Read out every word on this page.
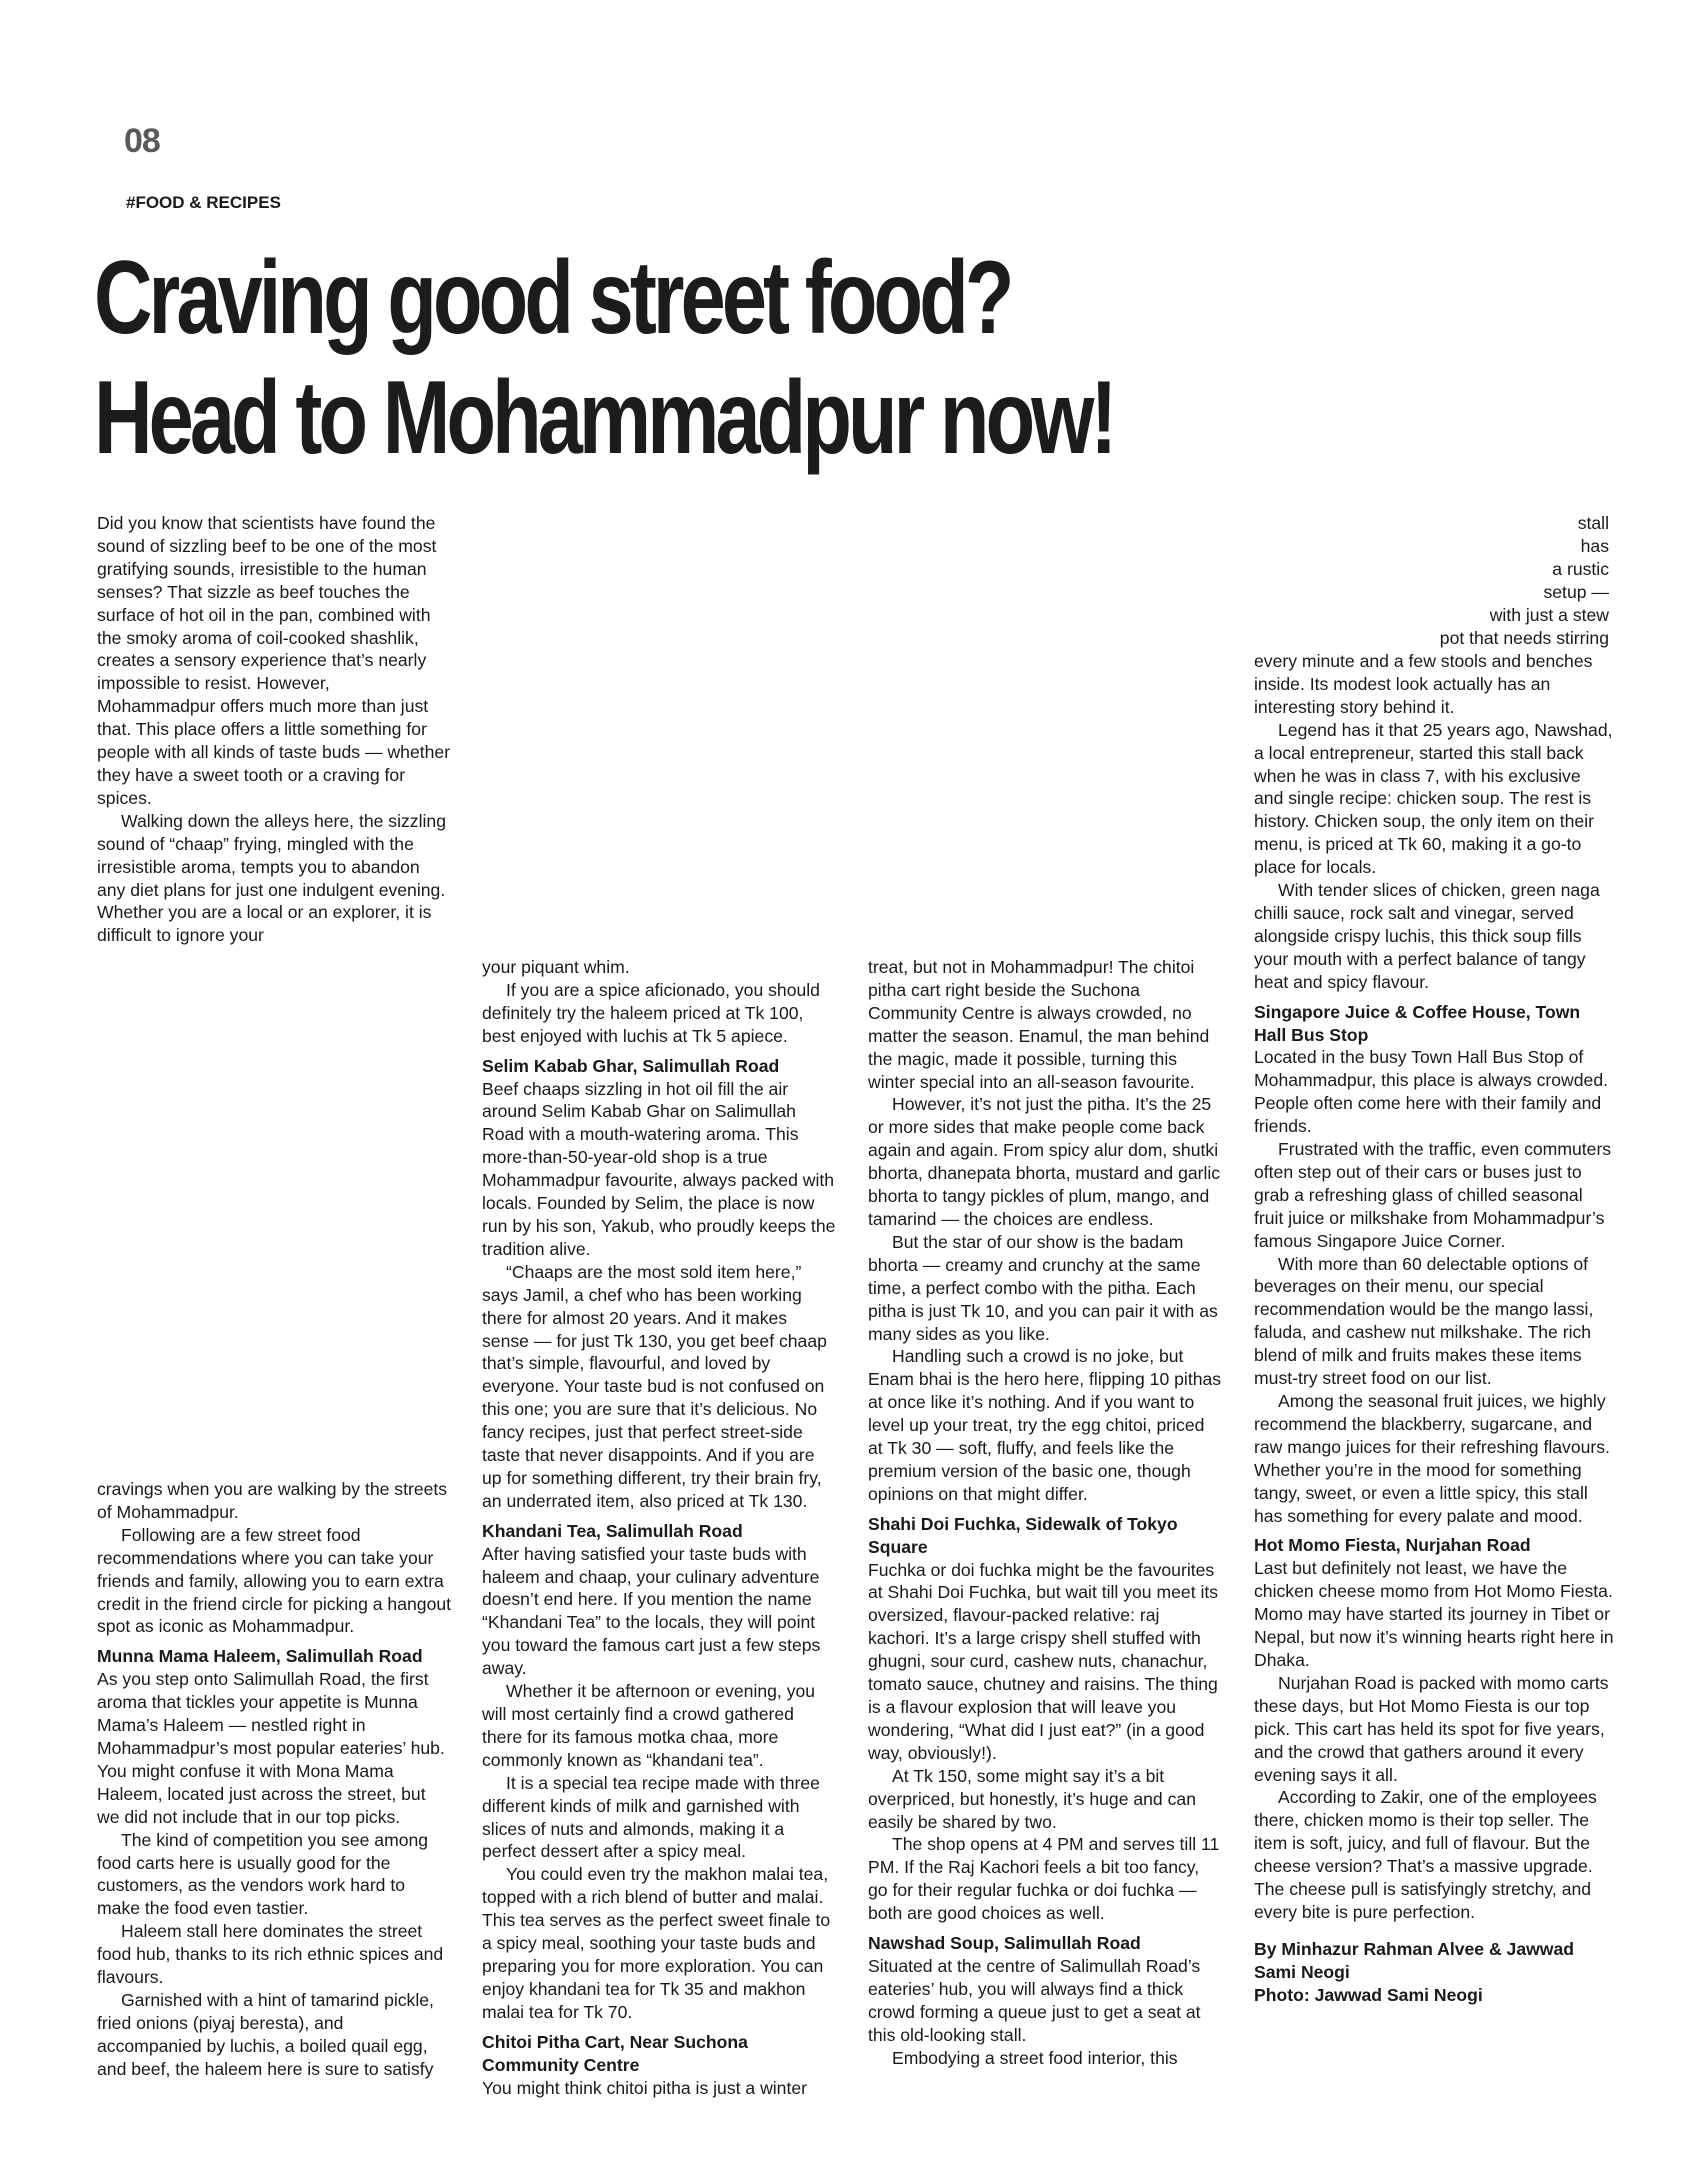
08
#FOOD & RECIPES
Craving good street food?
Head to Mohammadpur now!

Did you know that scientists have found the sound of sizzling beef to be one of the most gratifying sounds, irresistible to the human senses? That sizzle as beef touches the surface of hot oil in the pan, combined with the smoky aroma of coil-cooked shashlik, creates a sensory experience that’s nearly impossible to resist. However, Mohammadpur offers much more than just that. This place offers a little something for people with all kinds of taste buds — whether they have a sweet tooth or a craving for spices.

Walking down the alleys here, the sizzling sound of “chaap” frying, mingled with the irresistible aroma, tempts you to abandon any diet plans for just one indulgent evening. Whether you are a local or an explorer, it is difficult to ignore your

cravings when you are walking by the streets of Mohammadpur.

Following are a few street food recommendations where you can take your friends and family, allowing you to earn extra credit in the friend circle for picking a hangout spot as iconic as Mohammadpur.

Munna Mama Haleem, Salimullah Road

As you step onto Salimullah Road, the first aroma that tickles your appetite is Munna Mama’s Haleem — nestled right in Mohammadpur’s most popular eateries’ hub. You might confuse it with Mona Mama Haleem, located just across the street, but we did not include that in our top picks.

The kind of competition you see among food carts here is usually good for the customers, as the vendors work hard to make the food even tastier.

Haleem stall here dominates the street food hub, thanks to its rich ethnic spices and flavours.

Garnished with a hint of tamarind pickle, fried onions (piyaj beresta), and accompanied by luchis, a boiled quail egg, and beef, the haleem here is sure to satisfy

your piquant whim.

If you are a spice aficionado, you should definitely try the haleem priced at Tk 100, best enjoyed with luchis at Tk 5 apiece.

Selim Kabab Ghar, Salimullah Road

Beef chaaps sizzling in hot oil fill the air around Selim Kabab Ghar on Salimullah Road with a mouth-watering aroma. This more-than-50-year-old shop is a true Mohammadpur favourite, always packed with locals. Founded by Selim, the place is now run by his son, Yakub, who proudly keeps the tradition alive.

“Chaaps are the most sold item here,” says Jamil, a chef who has been working there for almost 20 years. And it makes sense — for just Tk 130, you get beef chaap that’s simple, flavourful, and loved by everyone. Your taste bud is not confused on this one; you are sure that it’s delicious. No fancy recipes, just that perfect street-side taste that never disappoints. And if you are up for something different, try their brain fry, an underrated item, also priced at Tk 130.

Khandani Tea, Salimullah Road

After having satisfied your taste buds with haleem and chaap, your culinary adventure doesn’t end here. If you mention the name “Khandani Tea” to the locals, they will point you toward the famous cart just a few steps away.

Whether it be afternoon or evening, you will most certainly find a crowd gathered there for its famous motka chaa, more commonly known as “khandani tea”.

It is a special tea recipe made with three different kinds of milk and garnished with slices of nuts and almonds, making it a perfect dessert after a spicy meal.

You could even try the makhon malai tea, topped with a rich blend of butter and malai. This tea serves as the perfect sweet finale to a spicy meal, soothing your taste buds and preparing you for more exploration. You can enjoy khandani tea for Tk 35 and makhon malai tea for Tk 70.

Chitoi Pitha Cart, Near Suchona Community Centre

You might think chitoi pitha is just a winter

treat, but not in Mohammadpur! The chitoi pitha cart right beside the Suchona Community Centre is always crowded, no matter the season. Enamul, the man behind the magic, made it possible, turning this winter special into an all-season favourite.

However, it’s not just the pitha. It’s the 25 or more sides that make people come back again and again. From spicy alur dom, shutki bhorta, dhanepata bhorta, mustard and garlic bhorta to tangy pickles of plum, mango, and tamarind — the choices are endless.

But the star of our show is the badam bhorta — creamy and crunchy at the same time, a perfect combo with the pitha. Each pitha is just Tk 10, and you can pair it with as many sides as you like.

Handling such a crowd is no joke, but Enam bhai is the hero here, flipping 10 pithas at once like it’s nothing. And if you want to level up your treat, try the egg chitoi, priced at Tk 30 — soft, fluffy, and feels like the premium version of the basic one, though opinions on that might differ.

Shahi Doi Fuchka, Sidewalk of Tokyo Square

Fuchka or doi fuchka might be the favourites at Shahi Doi Fuchka, but wait till you meet its oversized, flavour-packed relative: raj kachori. It’s a large crispy shell stuffed with ghugni, sour curd, cashew nuts, chanachur, tomato sauce, chutney and raisins. The thing is a flavour explosion that will leave you wondering, “What did I just eat?” (in a good way, obviously!).

At Tk 150, some might say it’s a bit overpriced, but honestly, it’s huge and can easily be shared by two.

The shop opens at 4 PM and serves till 11 PM. If the Raj Kachori feels a bit too fancy, go for their regular fuchka or doi fuchka — both are good choices as well.

Nawshad Soup, Salimullah Road

Situated at the centre of Salimullah Road’s eateries’ hub, you will always find a thick crowd forming a queue just to get a seat at this old-looking stall.

Embodying a street food interior, this

stall
has
a rustic
setup —
with just a stew
pot that needs stirring

every minute and a few stools and benches inside. Its modest look actually has an interesting story behind it.

Legend has it that 25 years ago, Nawshad, a local entrepreneur, started this stall back when he was in class 7, with his exclusive and single recipe: chicken soup. The rest is history. Chicken soup, the only item on their menu, is priced at Tk 60, making it a go-to place for locals.

With tender slices of chicken, green naga chilli sauce, rock salt and vinegar, served alongside crispy luchis, this thick soup fills your mouth with a perfect balance of tangy heat and spicy flavour.

Singapore Juice & Coffee House, Town Hall Bus Stop

Located in the busy Town Hall Bus Stop of Mohammadpur, this place is always crowded. People often come here with their family and friends.

Frustrated with the traffic, even commuters often step out of their cars or buses just to grab a refreshing glass of chilled seasonal fruit juice or milkshake from Mohammadpur’s famous Singapore Juice Corner.

With more than 60 delectable options of beverages on their menu, our special recommendation would be the mango lassi, faluda, and cashew nut milkshake. The rich blend of milk and fruits makes these items must-try street food on our list.

Among the seasonal fruit juices, we highly recommend the blackberry, sugarcane, and raw mango juices for their refreshing flavours. Whether you’re in the mood for something tangy, sweet, or even a little spicy, this stall has something for every palate and mood.

Hot Momo Fiesta, Nurjahan Road

Last but definitely not least, we have the chicken cheese momo from Hot Momo Fiesta. Momo may have started its journey in Tibet or Nepal, but now it’s winning hearts right here in Dhaka.

Nurjahan Road is packed with momo carts these days, but Hot Momo Fiesta is our top pick. This cart has held its spot for five years, and the crowd that gathers around it every evening says it all.

According to Zakir, one of the employees there, chicken momo is their top seller. The item is soft, juicy, and full of flavour. But the cheese version? That’s a massive upgrade. The cheese pull is satisfyingly stretchy, and every bite is pure perfection.

By Minhazur Rahman Alvee & Jawwad Sami Neogi
Photo: Jawwad Sami Neogi
